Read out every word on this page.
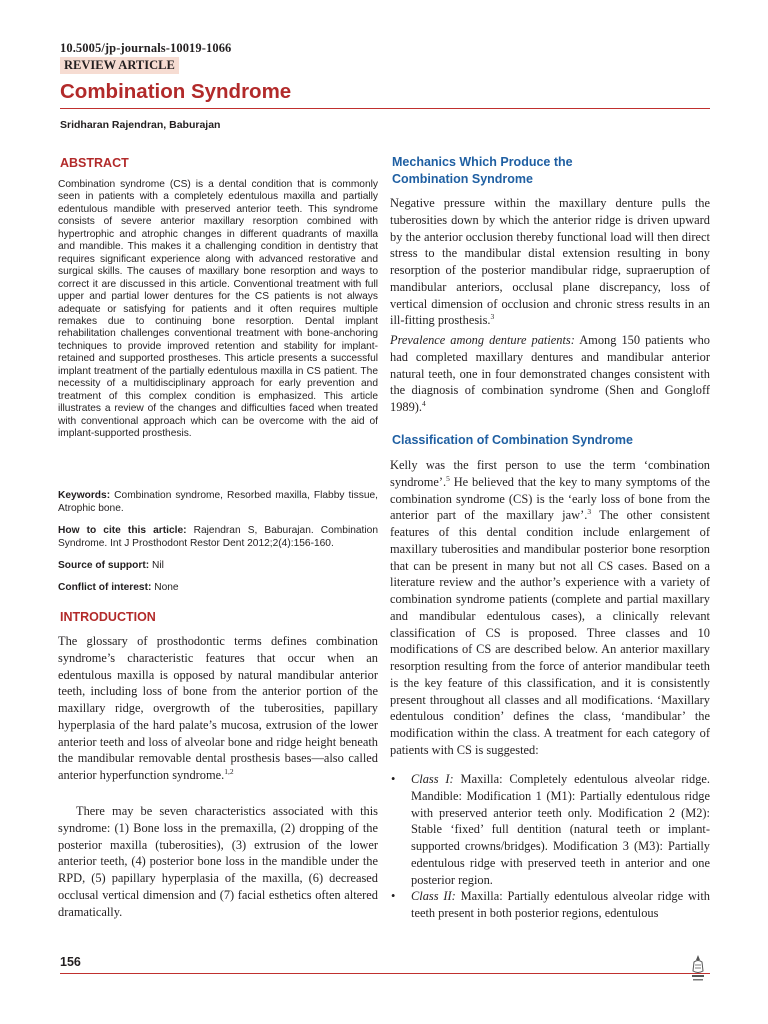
10.5005/jp-journals-10019-1066
REVIEW ARTICLE
Combination Syndrome
Sridharan Rajendran, Baburajan
ABSTRACT
Combination syndrome (CS) is a dental condition that is commonly seen in patients with a completely edentulous maxilla and partially edentulous mandible with preserved anterior teeth. This syndrome consists of severe anterior maxillary resorption combined with hypertrophic and atrophic changes in different quadrants of maxilla and mandible. This makes it a challenging condition in dentistry that requires significant experience along with advanced restorative and surgical skills. The causes of maxillary bone resorption and ways to correct it are discussed in this article. Conventional treatment with full upper and partial lower dentures for the CS patients is not always adequate or satisfying for patients and it often requires multiple remakes due to continuing bone resorption. Dental implant rehabilitation challenges conventional treatment with bone-anchoring techniques to provide improved retention and stability for implant-retained and supported prostheses. This article presents a successful implant treatment of the partially edentulous maxilla in CS patient. The necessity of a multidisciplinary approach for early prevention and treatment of this complex condition is emphasized. This article illustrates a review of the changes and difficulties faced when treated with conventional approach which can be overcome with the aid of implant-supported prosthesis.
Keywords: Combination syndrome, Resorbed maxilla, Flabby tissue, Atrophic bone.
How to cite this article: Rajendran S, Baburajan. Combination Syndrome. Int J Prosthodont Restor Dent 2012;2(4):156-160.
Source of support: Nil
Conflict of interest: None
INTRODUCTION
The glossary of prosthodontic terms defines combination syndrome’s characteristic features that occur when an edentulous maxilla is opposed by natural mandibular anterior teeth, including loss of bone from the anterior portion of the maxillary ridge, overgrowth of the tuberosities, papillary hyperplasia of the hard palate’s mucosa, extrusion of the lower anterior teeth and loss of alveolar bone and ridge height beneath the mandibular removable dental prosthesis bases—also called anterior hyperfunction syndrome.$^{1,2}$
There may be seven characteristics associated with this syndrome: (1) Bone loss in the premaxilla, (2) dropping of the posterior maxilla (tuberosities), (3) extrusion of the lower anterior teeth, (4) posterior bone loss in the mandible under the RPD, (5) papillary hyperplasia of the maxilla, (6) decreased occlusal vertical dimension and (7) facial esthetics often altered dramatically.
Mechanics Which Produce the
Combination Syndrome
Negative pressure within the maxillary denture pulls the tuberosities down by which the anterior ridge is driven upward by the anterior occlusion thereby functional load will then direct stress to the mandibular distal extension resulting in bony resorption of the posterior mandibular ridge, supraeruption of mandibular anteriors, occlusal plane discrepancy, loss of vertical dimension of occlusion and chronic stress results in an ill-fitting prosthesis.$^3$
Prevalence among denture patients: Among 150 patients who had completed maxillary dentures and mandibular anterior natural teeth, one in four demonstrated changes consistent with the diagnosis of combination syndrome (Shen and Gongloff 1989).$^4$
Classification of Combination Syndrome
Kelly was the first person to use the term ‘combination syndrome’.$^5$ He believed that the key to many symptoms of the combination syndrome (CS) is the ‘early loss of bone from the anterior part of the maxillary jaw’.$^3$ The other consistent features of this dental condition include enlargement of maxillary tuberosities and mandibular posterior bone resorption that can be present in many but not all CS cases. Based on a literature review and the author’s experience with a variety of combination syndrome patients (complete and partial maxillary and mandibular edentulous cases), a clinically relevant classification of CS is proposed. Three classes and 10 modifications of CS are described below. An anterior maxillary resorption resulting from the force of anterior mandibular teeth is the key feature of this classification, and it is consistently present throughout all classes and all modifications. ‘Maxillary edentulous condition’ defines the class, ‘mandibular’ the modification within the class. A treatment for each category of patients with CS is suggested:
• Class I: Maxilla: Completely edentulous alveolar ridge. Mandible: Modification 1 (M1): Partially edentulous ridge with preserved anterior teeth only. Modification 2 (M2): Stable ‘fixed’ full dentition (natural teeth or implant-supported crowns/bridges). Modification 3 (M3): Partially edentulous ridge with preserved teeth in anterior and one posterior region.
• Class II: Maxilla: Partially edentulous alveolar ridge with teeth present in both posterior regions, edentulous
156
